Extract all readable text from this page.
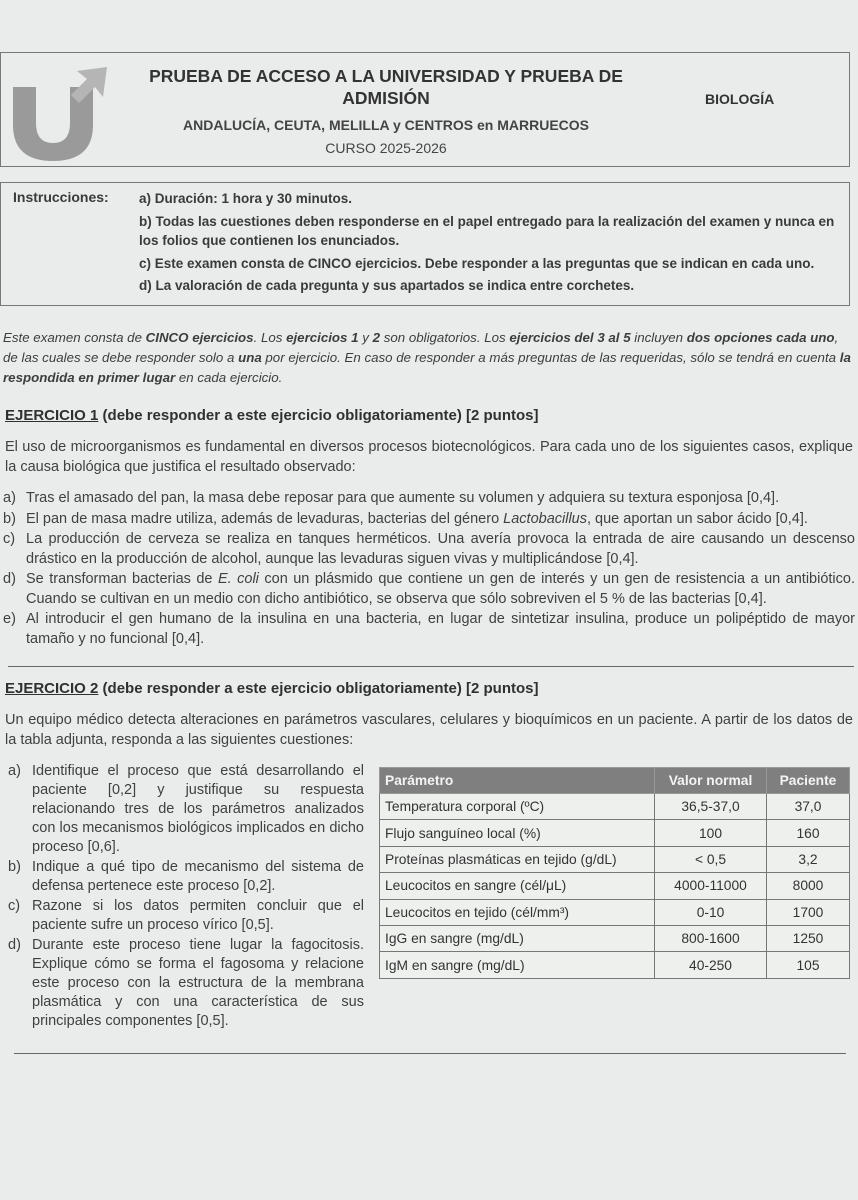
PRUEBA DE ACCESO A LA UNIVERSIDAD Y PRUEBA DE ADMISIÓN
ANDALUCÍA, CEUTA, MELILLA y CENTROS en MARRUECOS
CURSO 2025-2026
BIOLOGÍA
Instrucciones: a) Duración: 1 hora y 30 minutos.
b) Todas las cuestiones deben responderse en el papel entregado para la realización del examen y nunca en los folios que contienen los enunciados.
c) Este examen consta de CINCO ejercicios. Debe responder a las preguntas que se indican en cada uno.
d) La valoración de cada pregunta y sus apartados se indica entre corchetes.
Este examen consta de CINCO ejercicios. Los ejercicios 1 y 2 son obligatorios. Los ejercicios del 3 al 5 incluyen dos opciones cada uno, de las cuales se debe responder solo a una por ejercicio. En caso de responder a más preguntas de las requeridas, sólo se tendrá en cuenta la respondida en primer lugar en cada ejercicio.
EJERCICIO 1 (debe responder a este ejercicio obligatoriamente) [2 puntos]
El uso de microorganismos es fundamental en diversos procesos biotecnológicos. Para cada uno de los siguientes casos, explique la causa biológica que justifica el resultado observado:
a) Tras el amasado del pan, la masa debe reposar para que aumente su volumen y adquiera su textura esponjosa [0,4].
b) El pan de masa madre utiliza, además de levaduras, bacterias del género Lactobacillus, que aportan un sabor ácido [0,4].
c) La producción de cerveza se realiza en tanques herméticos. Una avería provoca la entrada de aire causando un descenso drástico en la producción de alcohol, aunque las levaduras siguen vivas y multiplicándose [0,4].
d) Se transforman bacterias de E. coli con un plásmido que contiene un gen de interés y un gen de resistencia a un antibiótico. Cuando se cultivan en un medio con dicho antibiótico, se observa que sólo sobreviven el 5 % de las bacterias [0,4].
e) Al introducir el gen humano de la insulina en una bacteria, en lugar de sintetizar insulina, produce un polipéptido de mayor tamaño y no funcional [0,4].
EJERCICIO 2 (debe responder a este ejercicio obligatoriamente) [2 puntos]
Un equipo médico detecta alteraciones en parámetros vasculares, celulares y bioquímicos en un paciente. A partir de los datos de la tabla adjunta, responda a las siguientes cuestiones:
a) Identifique el proceso que está desarrollando el paciente [0,2] y justifique su respuesta relacionando tres de los parámetros analizados con los mecanismos biológicos implicados en dicho proceso [0,6].
b) Indique a qué tipo de mecanismo del sistema de defensa pertenece este proceso [0,2].
c) Razone si los datos permiten concluir que el paciente sufre un proceso vírico [0,5].
d) Durante este proceso tiene lugar la fagocitosis. Explique cómo se forma el fagosoma y relacione este proceso con la estructura de la membrana plasmática y con una característica de sus principales componentes [0,5].
Parámetro	Valor normal	Paciente
Temperatura corporal (ºC)	36,5-37,0	37,0
Flujo sanguíneo local (%)	100	160
Proteínas plasmáticas en tejido (g/dL)	< 0,5	3,2
Leucocitos en sangre (cél/μL)	4000-11000	8000
Leucocitos en tejido (cél/mm³)	0-10	1700
IgG en sangre (mg/dL)	800-1600	1250
IgM en sangre (mg/dL)	40-250	105
